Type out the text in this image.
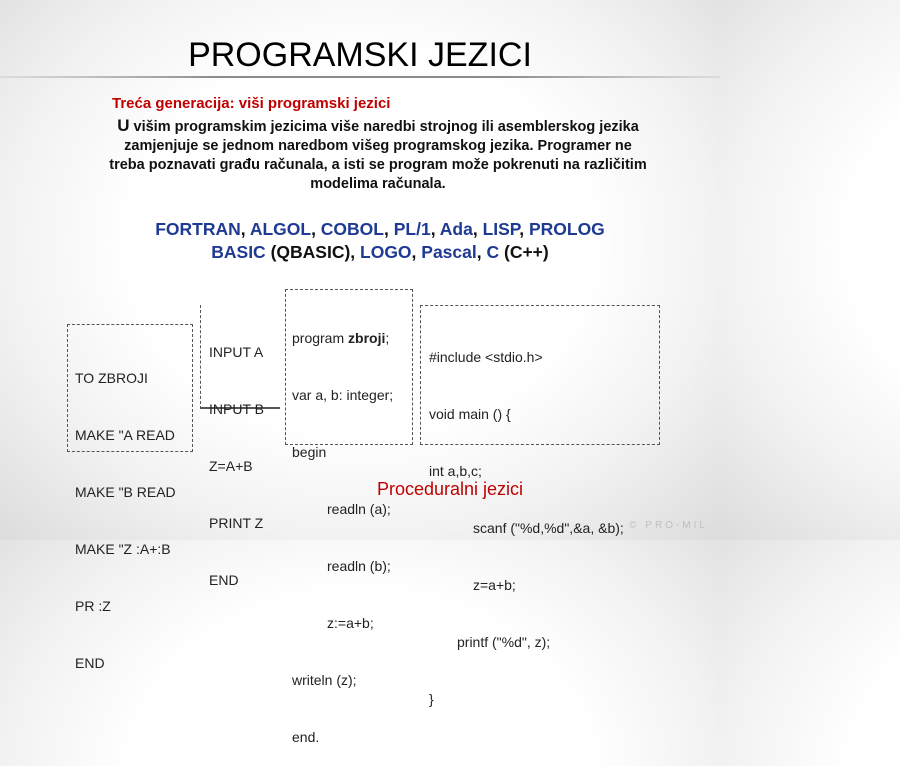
PROGRAMSKI JEZICI
Treća generacija: viši programski jezici
U višim programskim jezicima više naredbi strojnog ili asemblerskog jezika zamjenjuje se jednom naredbom višeg programskog jezika. Programer ne treba poznavati građu računala, a isti se program može pokrenuti na različitim modelima računala.
FORTRAN, ALGOL, COBOL, PL/1, Ada, LISP, PROLOG
BASIC (QBASIC), LOGO, Pascal, C (C++)

TO ZBROJI

MAKE "A READ

MAKE "B READ

MAKE "Z :A+:B

PR :Z

END

INPUT A

INPUT B

Z=A+B

PRINT Z

END

program zbroji;

var a, b: integer;

begin

readln (a);

readln (b);

z:=a+b;

writeln (z);

end.

#include <stdio.h>

void main () {

int a,b,c;

scanf ("%d,%d",&a, &b);

z=a+b;

printf ("%d", z);

}

Proceduralni jezici
© PRO-MIL
